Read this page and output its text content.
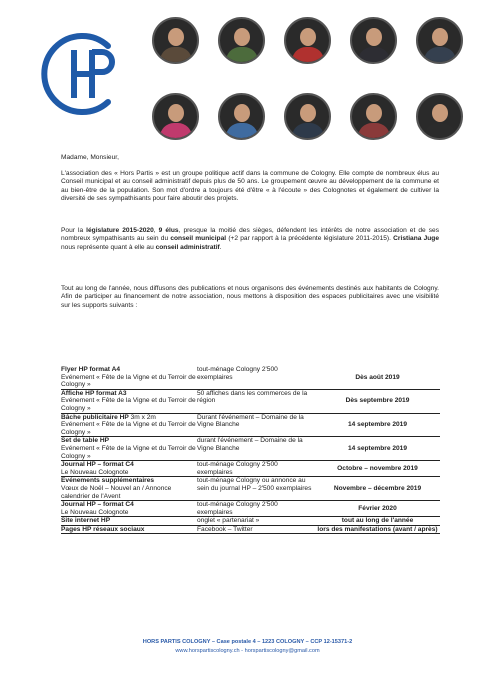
Madame, Monsieur,

L'association des « Hors Partis » est un groupe politique actif dans la commune de Cologny. Elle compte de nombreux élus au Conseil municipal et au conseil administratif depuis plus de 50 ans. Le groupement œuvre au développement de la commune et au bien-être de la population. Son mot d'ordre a toujours été d'être « à l'écoute » des Colognotes et également de cultiver la diversité de ses sympathisants pour faire aboutir des projets.

Pour la législature 2015-2020, 9 élus, presque la moitié des sièges, défendent les intérêts de notre association et de ses nombreux sympathisants au sein du conseil municipal (+2 par rapport à la précédente législature 2011-2015). Cristiana Juge nous représente quant à elle au conseil administratif.

Tout au long de l'année, nous diffusons des publications et nous organisons des événements destinés aux habitants de Cologny. Afin de participer au financement de notre association, nous mettons à disposition des espaces publicitaires avec une visibilité sur les supports suivants :

Flyer HP format A4
Evénement « Fête de la Vigne et du Terroir de Cologny »	tout-ménage Cologny 2'500 exemplaires	Dès août 2019
Affiche HP format A3
Evénement « Fête de la Vigne et du Terroir de Cologny »	50 affiches dans les commerces de la région	Dès septembre 2019
Bâche publicitaire HP 3m x 2m
Evénement « Fête de la Vigne et du Terroir de Cologny »	Durant l'événement – Domaine de la Vigne Blanche	14 septembre 2019
Set de table HP
Evénement « Fête de la Vigne et du Terroir de Cologny »	durant l'événement – Domaine de la Vigne Blanche	14 septembre 2019
Journal HP – format C4
Le Nouveau Colognote	tout-ménage Cologny 2'500 exemplaires	Octobre – novembre 2019
Evénements supplémentaires
Vœux de Noël – Nouvel an / Annonce calendrier de l'Avent	tout-ménage Cologny ou annonce au sein du journal HP – 2'500 exemplaires	Novembre – décembre 2019
Journal HP – format C4
Le Nouveau Colognote	tout-ménage Cologny 2'500 exemplaires	Février 2020
Site internet HP	onglet « partenariat »	tout au long de l'année
Pages HP réseaux sociaux	Facebook – Twitter	lors des manifestations (avant / après)
HORS PARTIS COLOGNY – Case postale 4 – 1223 COLOGNY – CCP 12-15371-2
www.horspartiscologny.ch - horspartiscologny@gmail.com
